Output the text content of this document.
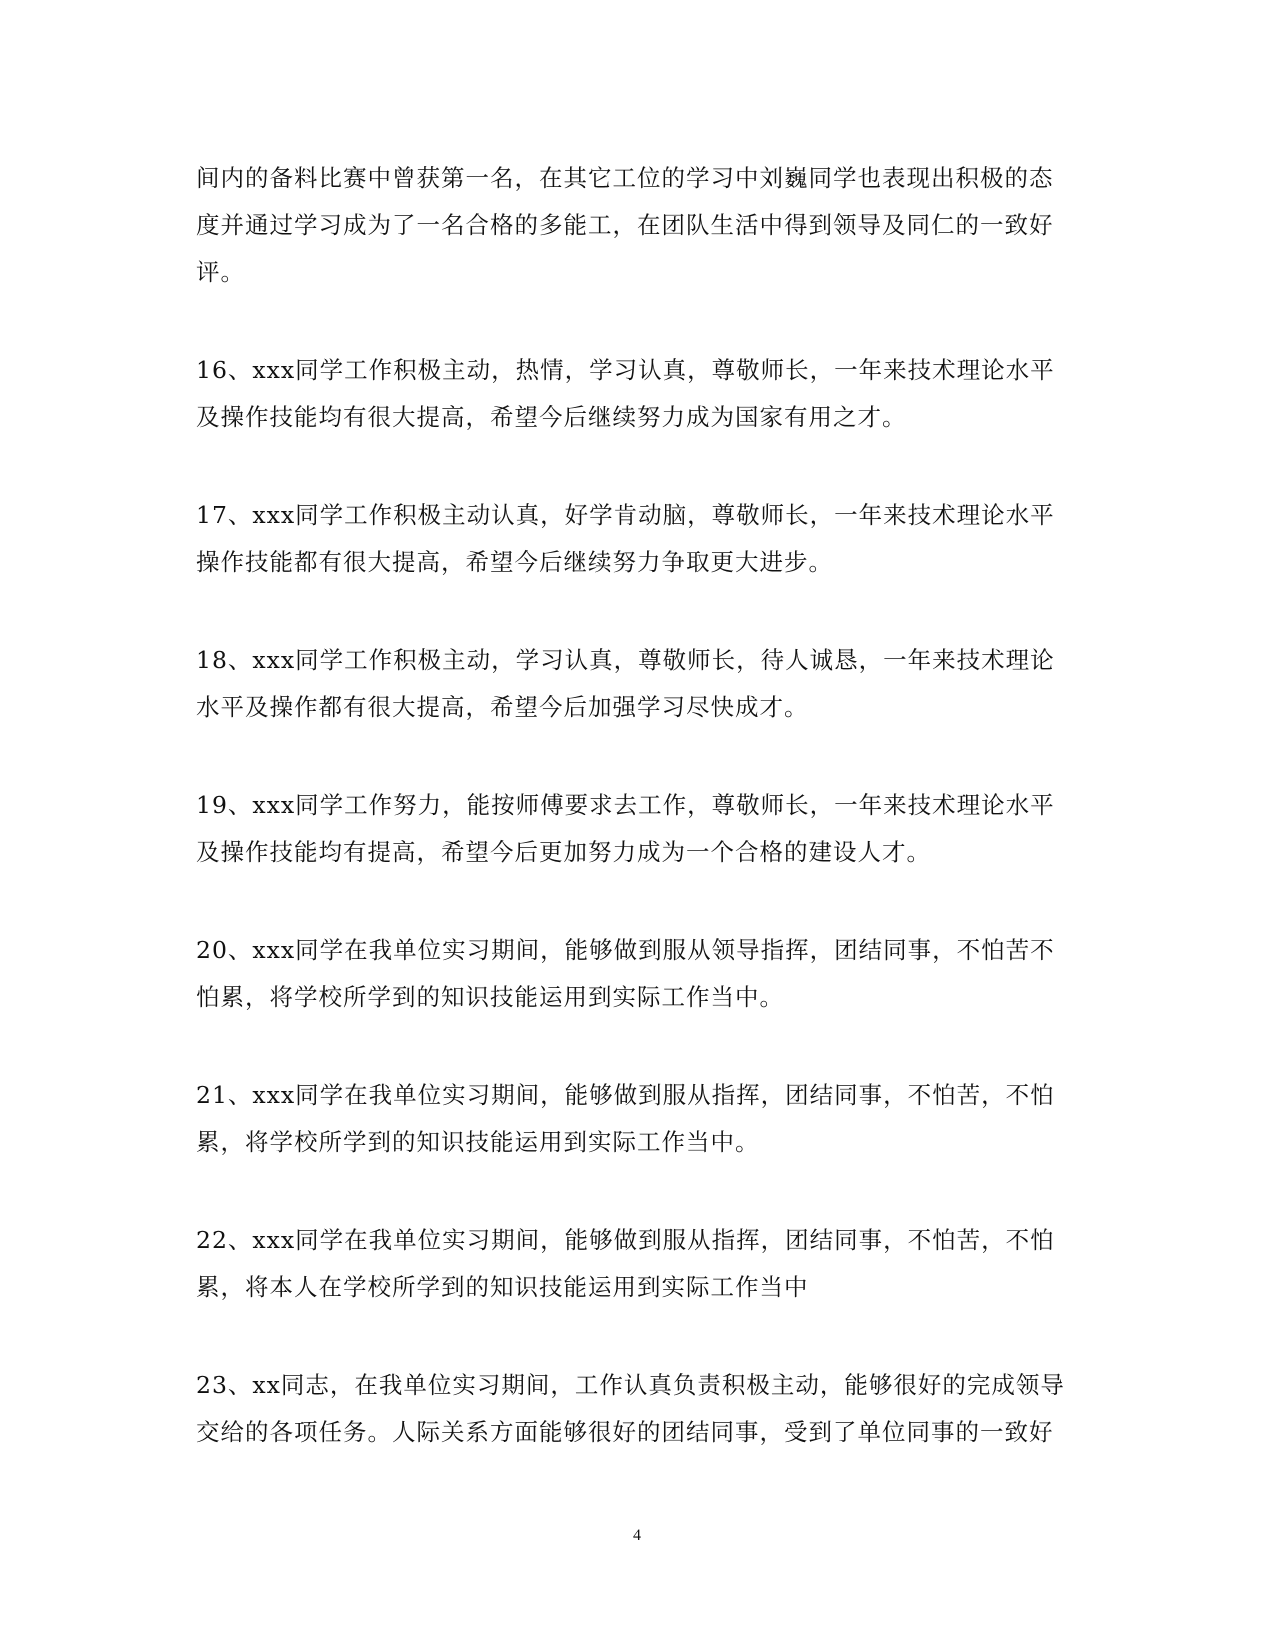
间内的备料比赛中曾获第一名，在其它工位的学习中刘巍同学也表现出积极的态
度并通过学习成为了一名合格的多能工，在团队生活中得到领导及同仁的一致好
评。
16、xxx同学工作积极主动，热情，学习认真，尊敬师长，一年来技术理论水平
及操作技能均有很大提高，希望今后继续努力成为国家有用之才。
17、xxx同学工作积极主动认真，好学肯动脑，尊敬师长，一年来技术理论水平
操作技能都有很大提高，希望今后继续努力争取更大进步。
18、xxx同学工作积极主动，学习认真，尊敬师长，待人诚恳，一年来技术理论
水平及操作都有很大提高，希望今后加强学习尽快成才。
19、xxx同学工作努力，能按师傅要求去工作，尊敬师长，一年来技术理论水平
及操作技能均有提高，希望今后更加努力成为一个合格的建设人才。
20、xxx同学在我单位实习期间，能够做到服从领导指挥，团结同事，不怕苦不
怕累，将学校所学到的知识技能运用到实际工作当中。
21、xxx同学在我单位实习期间，能够做到服从指挥，团结同事，不怕苦，不怕
累，将学校所学到的知识技能运用到实际工作当中。
22、xxx同学在我单位实习期间，能够做到服从指挥，团结同事，不怕苦，不怕
累，将本人在学校所学到的知识技能运用到实际工作当中
23、xx同志，在我单位实习期间，工作认真负责积极主动，能够很好的完成领导
交给的各项任务。人际关系方面能够很好的团结同事，受到了单位同事的一致好
4
